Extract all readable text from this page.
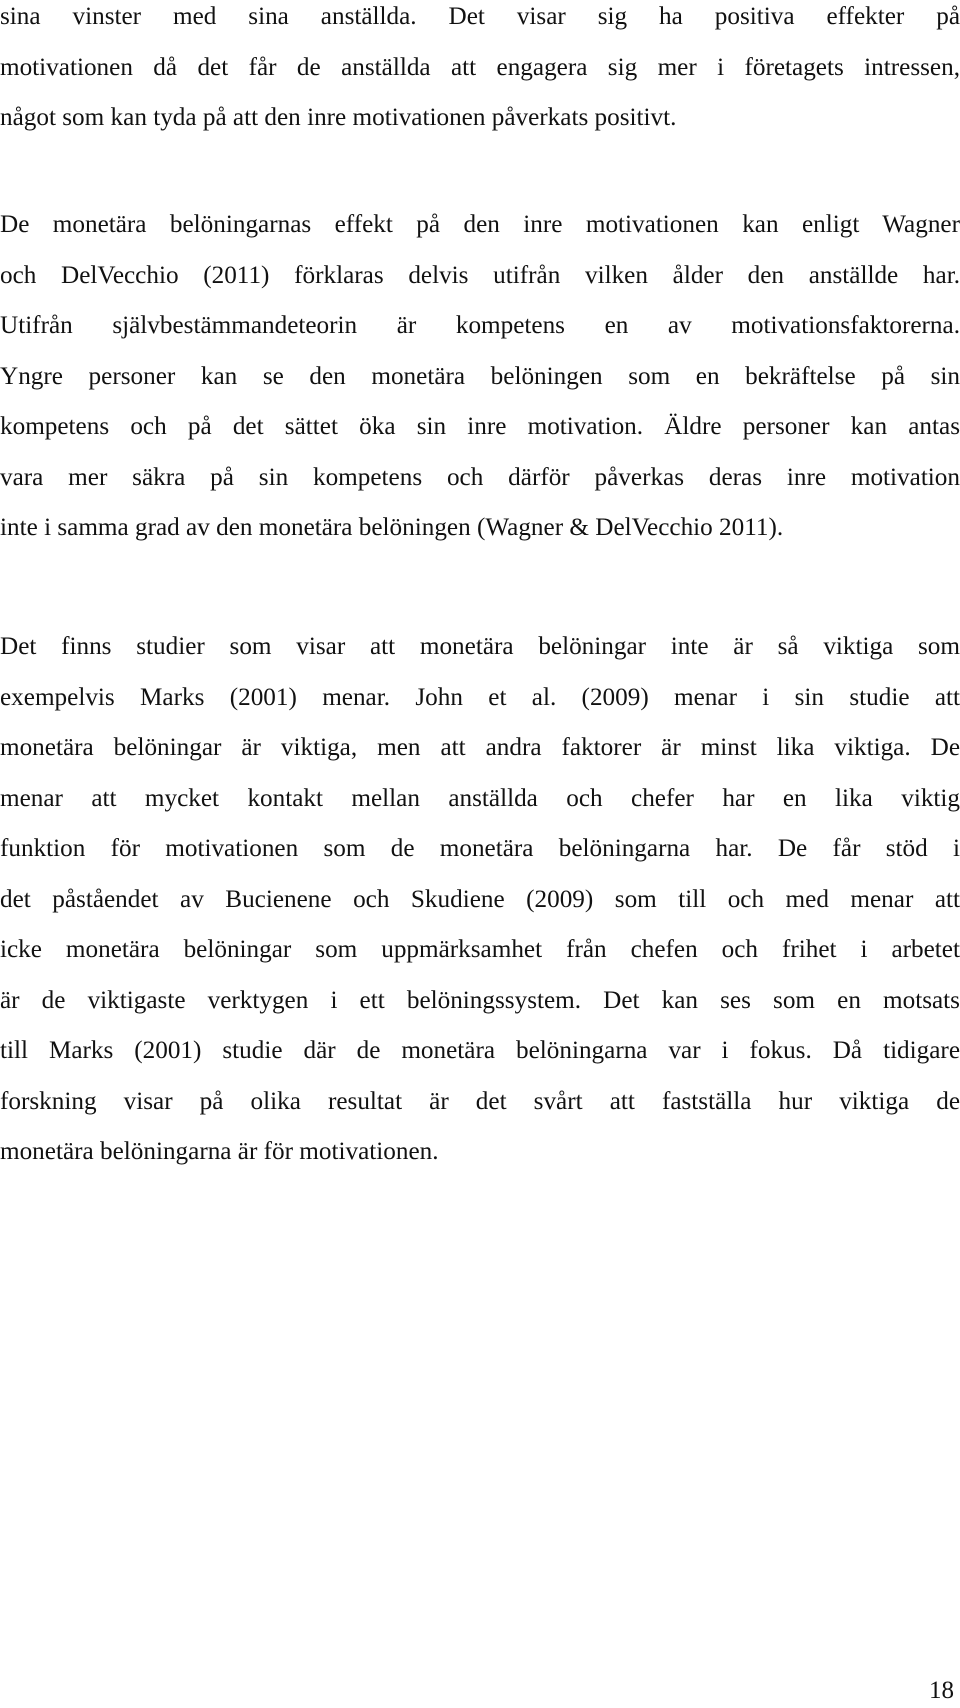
sina vinster med sina anställda. Det visar sig ha positiva effekter på
motivationen då det får de anställda att engagera sig mer i företagets intressen,
något som kan tyda på att den inre motivationen påverkats positivt.
De monetära belöningarnas effekt på den inre motivationen kan enligt Wagner
och DelVecchio (2011) förklaras delvis utifrån vilken ålder den anställde har.
Utifrån självbestämmandeteorin är kompetens en av motivationsfaktorerna.
Yngre personer kan se den monetära belöningen som en bekräftelse på sin
kompetens och på det sättet öka sin inre motivation. Äldre personer kan antas
vara mer säkra på sin kompetens och därför påverkas deras inre motivation
inte i samma grad av den monetära belöningen (Wagner & DelVecchio 2011).
Det finns studier som visar att monetära belöningar inte är så viktiga som
exempelvis Marks (2001) menar. John et al. (2009) menar i sin studie att
monetära belöningar är viktiga, men att andra faktorer är minst lika viktiga. De
menar att mycket kontakt mellan anställda och chefer har en lika viktig
funktion för motivationen som de monetära belöningarna har. De får stöd i
det påståendet av Bucienene och Skudiene (2009) som till och med menar att
icke monetära belöningar som uppmärksamhet från chefen och frihet i arbetet
är de viktigaste verktygen i ett belöningssystem. Det kan ses som en motsats
till Marks (2001) studie där de monetära belöningarna var i fokus. Då tidigare
forskning visar på olika resultat är det svårt att fastställa hur viktiga de
monetära belöningarna är för motivationen.
18
